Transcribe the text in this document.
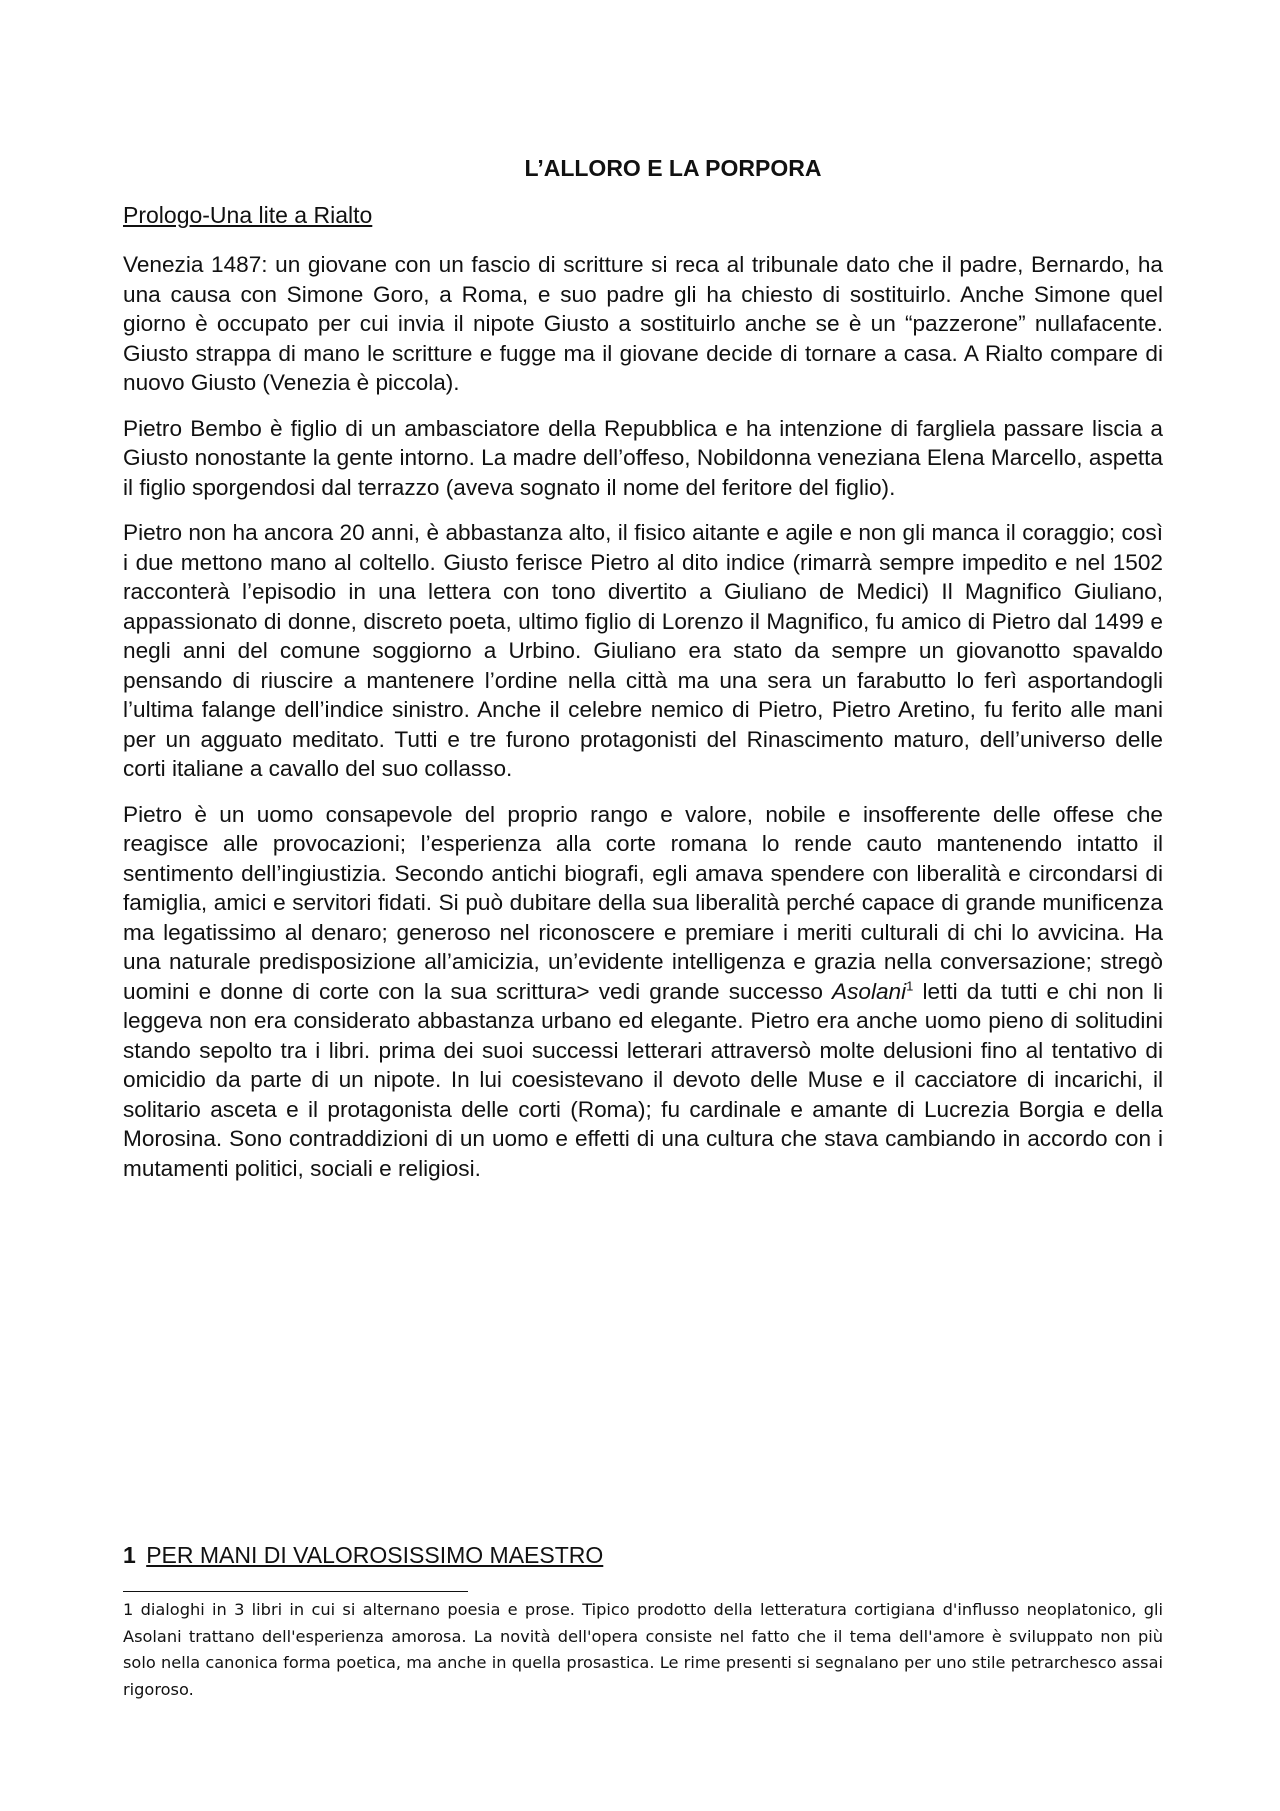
L’ALLORO E LA PORPORA
Prologo-Una lite a Rialto

Venezia 1487: un giovane con un fascio di scritture si reca al tribunale dato che il padre, Bernardo, ha una causa con Simone Goro, a Roma, e suo padre gli ha chiesto di sostituirlo. Anche Simone quel giorno è occupato per cui invia il nipote Giusto a sostituirlo anche se è un “pazzerone” nullafacente. Giusto strappa di mano le scritture e fugge ma il giovane decide di tornare a casa. A Rialto compare di nuovo Giusto (Venezia è piccola).

Pietro Bembo è figlio di un ambasciatore della Repubblica e ha intenzione di fargliela passare liscia a Giusto nonostante la gente intorno. La madre dell’offeso, Nobildonna veneziana Elena Marcello, aspetta il figlio sporgendosi dal terrazzo (aveva sognato il nome del feritore del figlio).

Pietro non ha ancora 20 anni, è abbastanza alto, il fisico aitante e agile e non gli manca il coraggio; così i due mettono mano al coltello. Giusto ferisce Pietro al dito indice (rimarrà sempre impedito e nel 1502 racconterà l’episodio in una lettera con tono divertito a Giuliano de Medici) Il Magnifico Giuliano, appassionato di donne, discreto poeta, ultimo figlio di Lorenzo il Magnifico, fu amico di Pietro dal 1499 e negli anni del comune soggiorno a Urbino. Giuliano era stato da sempre un giovanotto spavaldo pensando di riuscire a mantenere l’ordine nella città ma una sera un farabutto lo ferì asportandogli l’ultima falange dell’indice sinistro. Anche il celebre nemico di Pietro, Pietro Aretino, fu ferito alle mani per un agguato meditato. Tutti e tre furono protagonisti del Rinascimento maturo, dell’universo delle corti italiane a cavallo del suo collasso.

Pietro è un uomo consapevole del proprio rango e valore, nobile e insofferente delle offese che reagisce alle provocazioni; l’esperienza alla corte romana lo rende cauto mantenendo intatto il sentimento dell’ingiustizia. Secondo antichi biografi, egli amava spendere con liberalità e circondarsi di famiglia, amici e servitori fidati. Si può dubitare della sua liberalità perché capace di grande munificenza ma legatissimo al denaro; generoso nel riconoscere e premiare i meriti culturali di chi lo avvicina. Ha una naturale predisposizione all’amicizia, un’evidente intelligenza e grazia nella conversazione; stregò uomini e donne di corte con la sua scrittura> vedi grande successo Asolani$^1$ letti da tutti e chi non li leggeva non era considerato abbastanza urbano ed elegante. Pietro era anche uomo pieno di solitudini stando sepolto tra i libri. prima dei suoi successi letterari attraversò molte delusioni fino al tentativo di omicidio da parte di un nipote. In lui coesistevano il devoto delle Muse e il cacciatore di incarichi, il solitario asceta e il protagonista delle corti (Roma); fu cardinale e amante di Lucrezia Borgia e della Morosina. Sono contraddizioni di un uomo e effetti di una cultura che stava cambiando in accordo con i mutamenti politici, sociali e religiosi.

1 PER MANI DI VALOROSISSIMO MAESTRO
1 dialoghi in 3 libri in cui si alternano poesia e prose. Tipico prodotto della letteratura cortigiana d'influsso neoplatonico, gli Asolani trattano dell'esperienza amorosa. La novità dell'opera consiste nel fatto che il tema dell'amore è sviluppato non più solo nella canonica forma poetica, ma anche in quella prosastica. Le rime presenti si segnalano per uno stile petrarchesco assai rigoroso.
